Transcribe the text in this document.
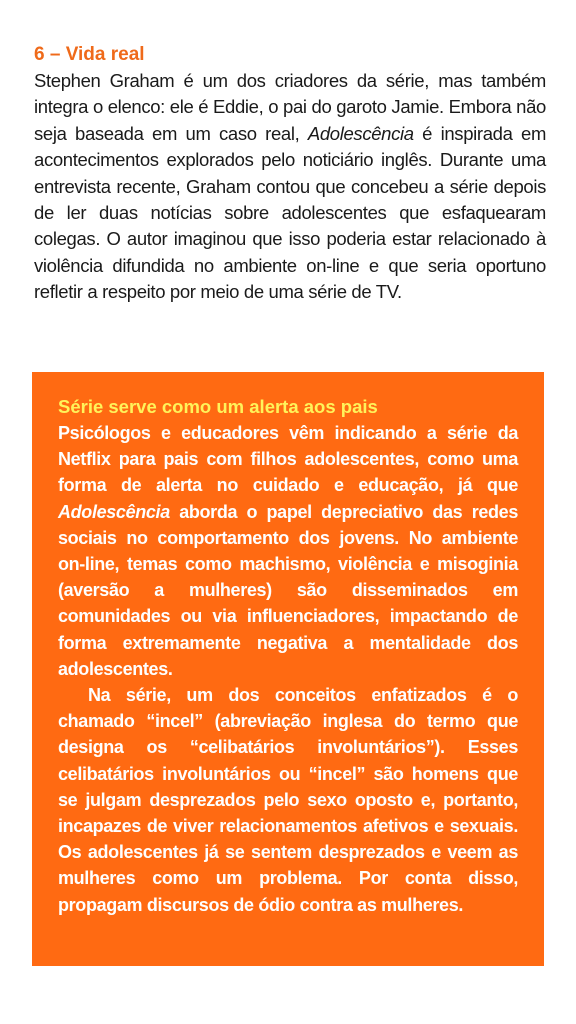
6 – Vida real

Stephen Graham é um dos criadores da série, mas também integra o elenco: ele é Eddie, o pai do garoto Jamie. Embora não seja baseada em um caso real, Adolescência é inspirada em acontecimentos explorados pelo noticiário inglês. Durante uma entrevista recente, Graham contou que concebeu a série depois de ler duas notícias sobre adolescentes que esfaquearam colegas. O autor imaginou que isso poderia estar relacionado à violência difundida no ambiente on-line e que seria oportuno refletir a respeito por meio de uma série de TV.

Série serve como um alerta aos pais

Psicólogos e educadores vêm indicando a série da Netflix para pais com filhos adolescentes, como uma forma de alerta no cuidado e educação, já que Adolescência aborda o papel depreciativo das redes sociais no comportamento dos jovens. No ambiente on-line, temas como machismo, violência e misoginia (aversão a mulheres) são disseminados em comunidades ou via influenciadores, impactando de forma extremamente negativa a mentalidade dos adolescentes.

Na série, um dos conceitos enfatizados é o chamado “incel” (abreviação inglesa do termo que designa os “celibatários involuntários”). Esses celibatários involuntários ou “incel” são homens que se julgam desprezados pelo sexo oposto e, portanto, incapazes de viver relacionamentos afetivos e sexuais. Os adolescentes já se sentem desprezados e veem as mulheres como um problema. Por conta disso, propagam discursos de ódio contra as mulheres.
